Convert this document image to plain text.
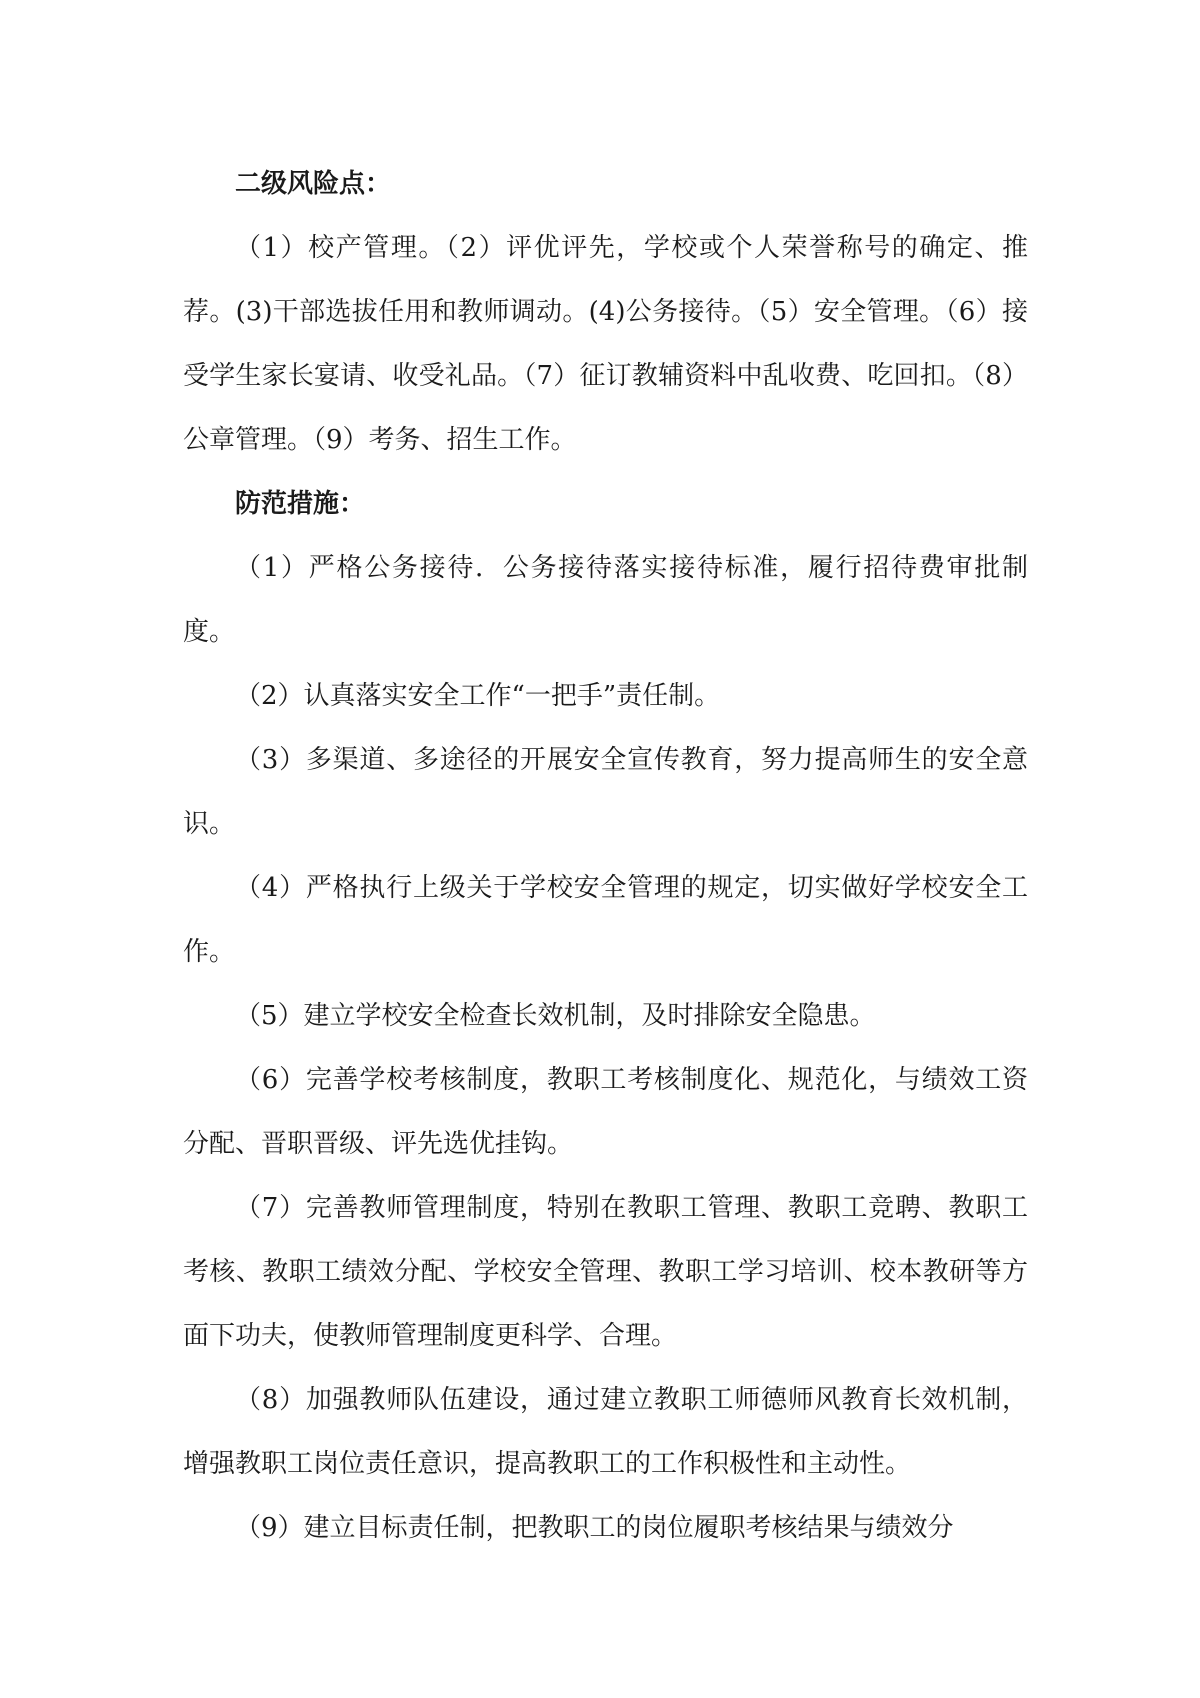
二级风险点：

（1）校产管理。（2）评优评先，学校或个人荣誉称号的确定、推荐。(3)干部选拔任用和教师调动。(4)公务接待。（5）安全管理。（6）接受学生家长宴请、收受礼品。（7）征订教辅资料中乱收费、吃回扣。（8）公章管理。（9）考务、招生工作。

防范措施：

（1）严格公务接待．公务接待落实接待标准，履行招待费审批制度。

（2）认真落实安全工作“一把手”责任制。

（3）多渠道、多途径的开展安全宣传教育，努力提高师生的安全意识。

（4）严格执行上级关于学校安全管理的规定，切实做好学校安全工作。

（5）建立学校安全检查长效机制，及时排除安全隐患。

（6）完善学校考核制度，教职工考核制度化、规范化，与绩效工资分配、晋职晋级、评先选优挂钩。

（7）完善教师管理制度，特别在教职工管理、教职工竞聘、教职工考核、教职工绩效分配、学校安全管理、教职工学习培训、校本教研等方面下功夫，使教师管理制度更科学、合理。

（8）加强教师队伍建设，通过建立教职工师德师风教育长效机制，增强教职工岗位责任意识，提高教职工的工作积极性和主动性。

（9）建立目标责任制，把教职工的岗位履职考核结果与绩效分
